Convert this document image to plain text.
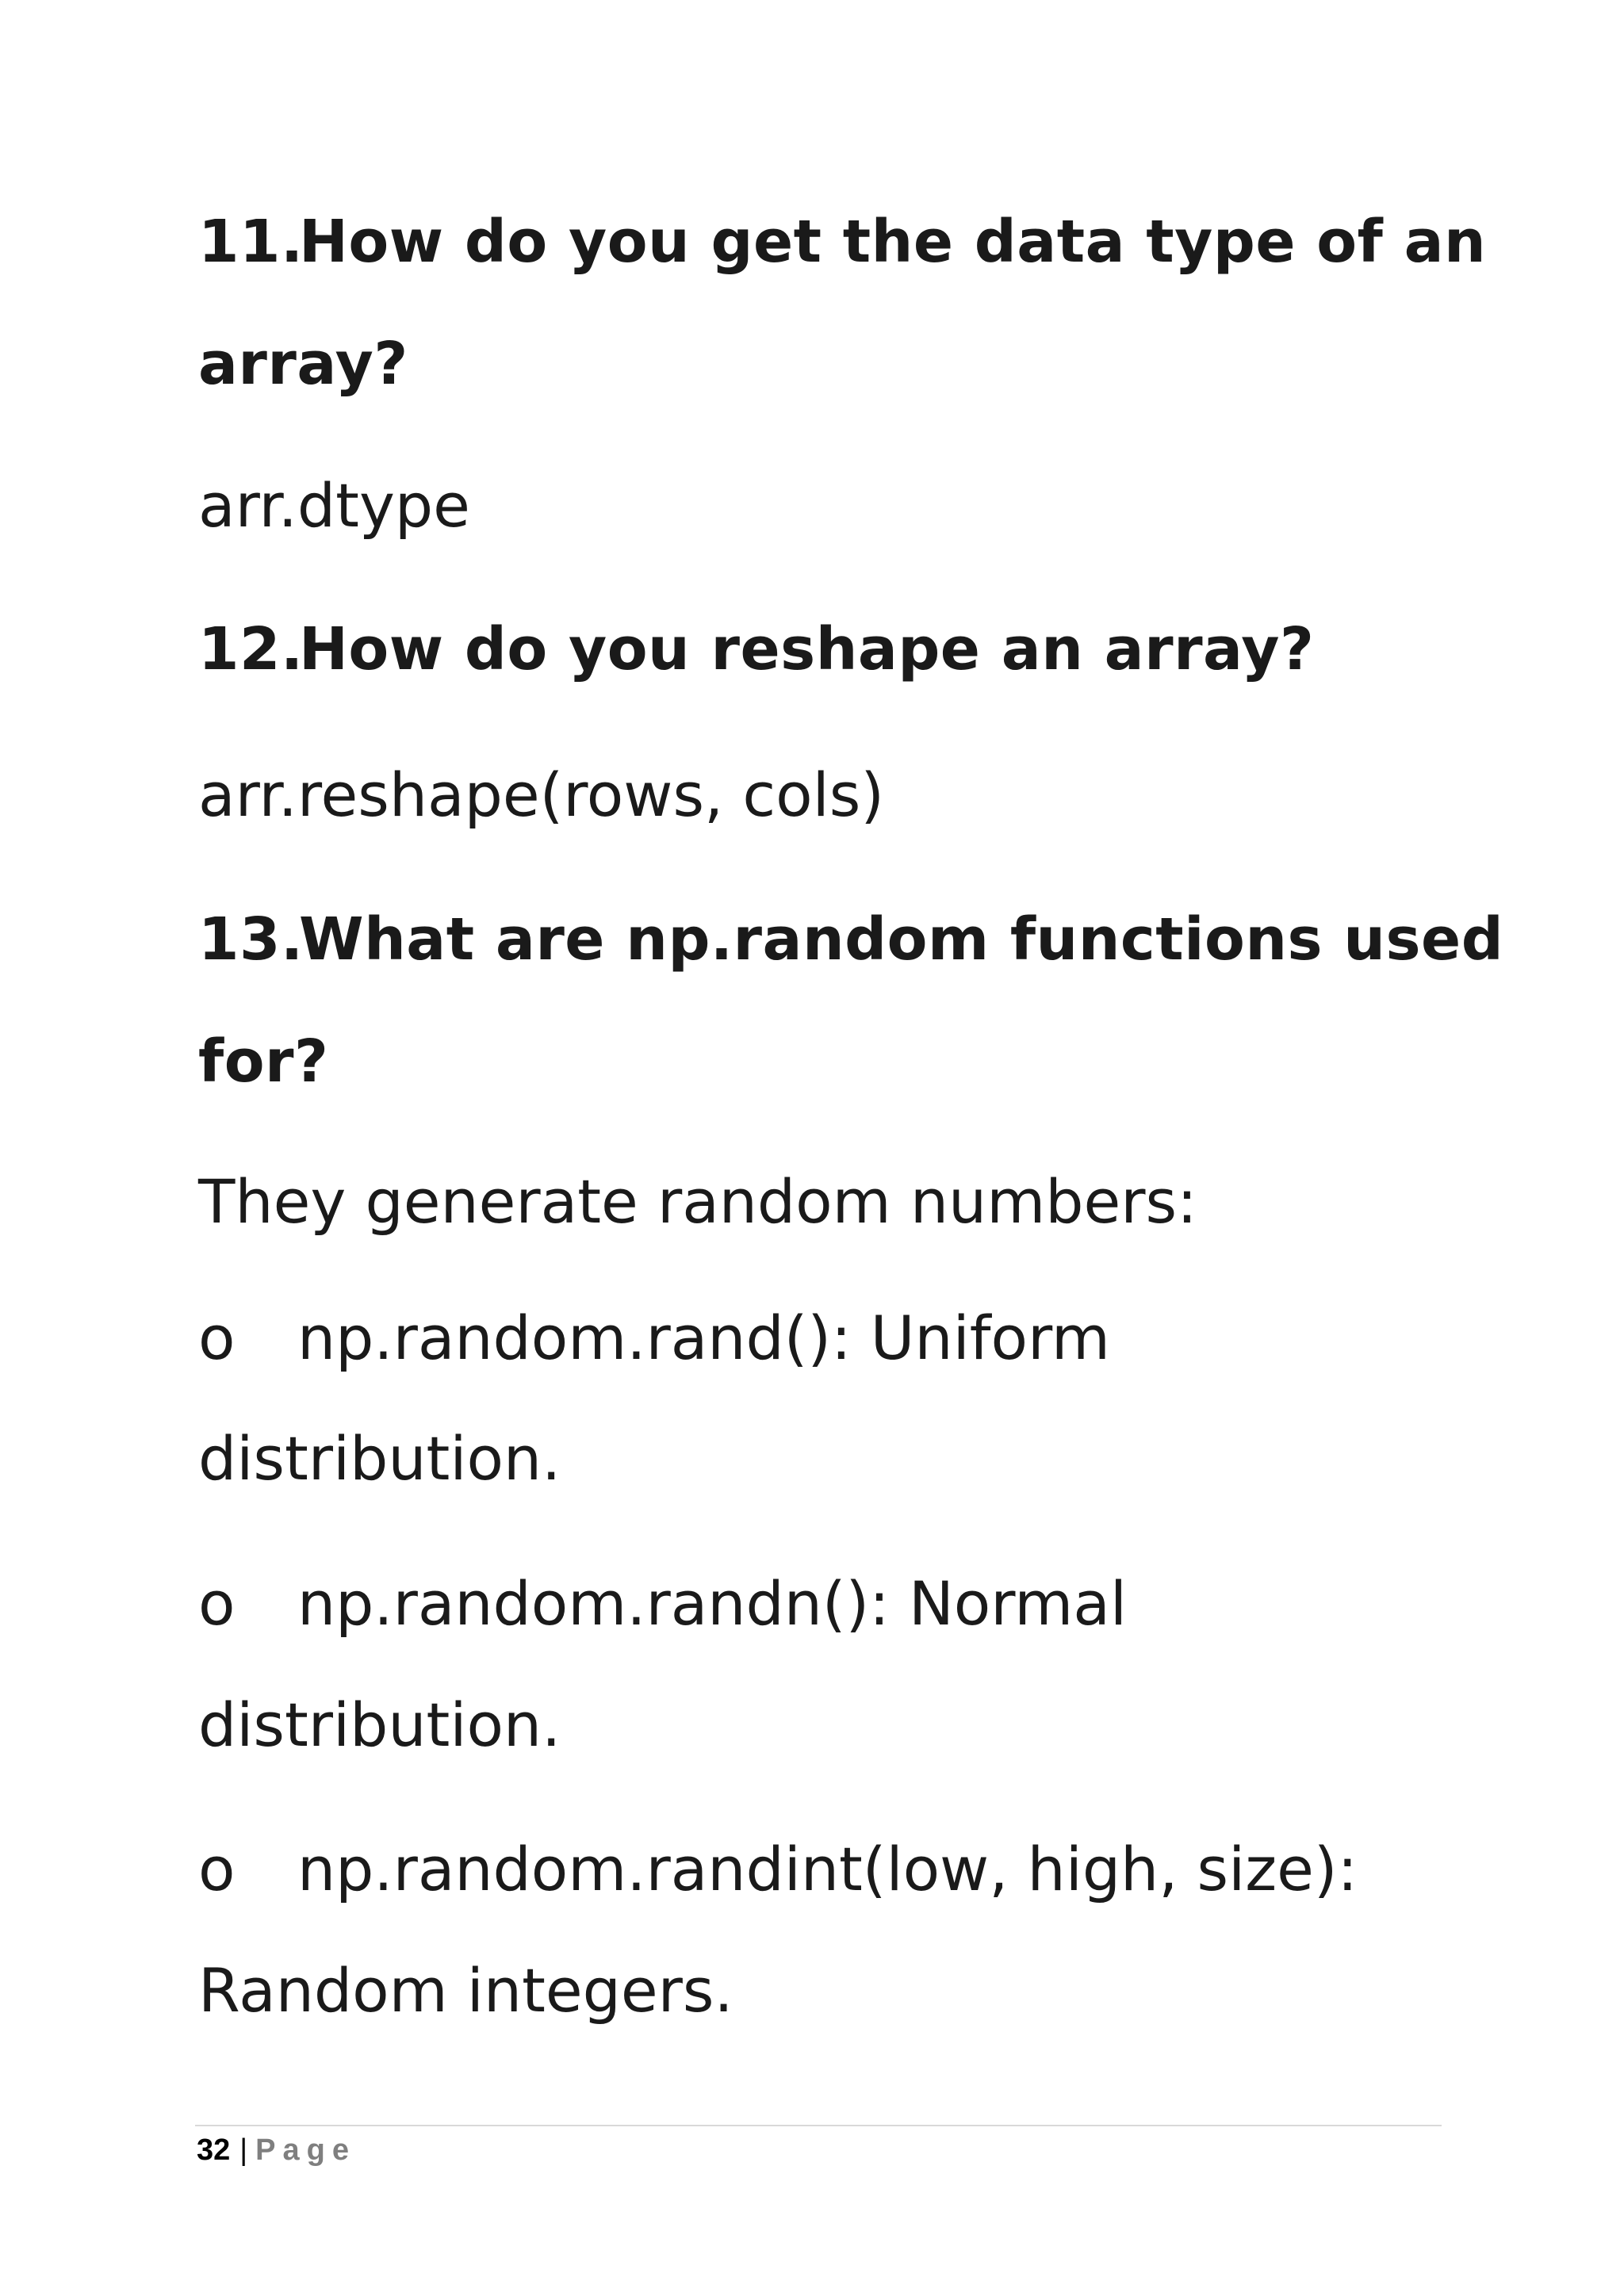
11.How do you get the data type of an
array?
arr.dtype
12.How do you reshape an array?
arr.reshape(rows, cols)
13.What are np.random functions used
for?
They generate random numbers:
o np.random.rand(): Uniform
distribution.
o np.random.randn(): Normal
distribution.
o np.random.randint(low, high, size):
Random integers.
32 | Page
